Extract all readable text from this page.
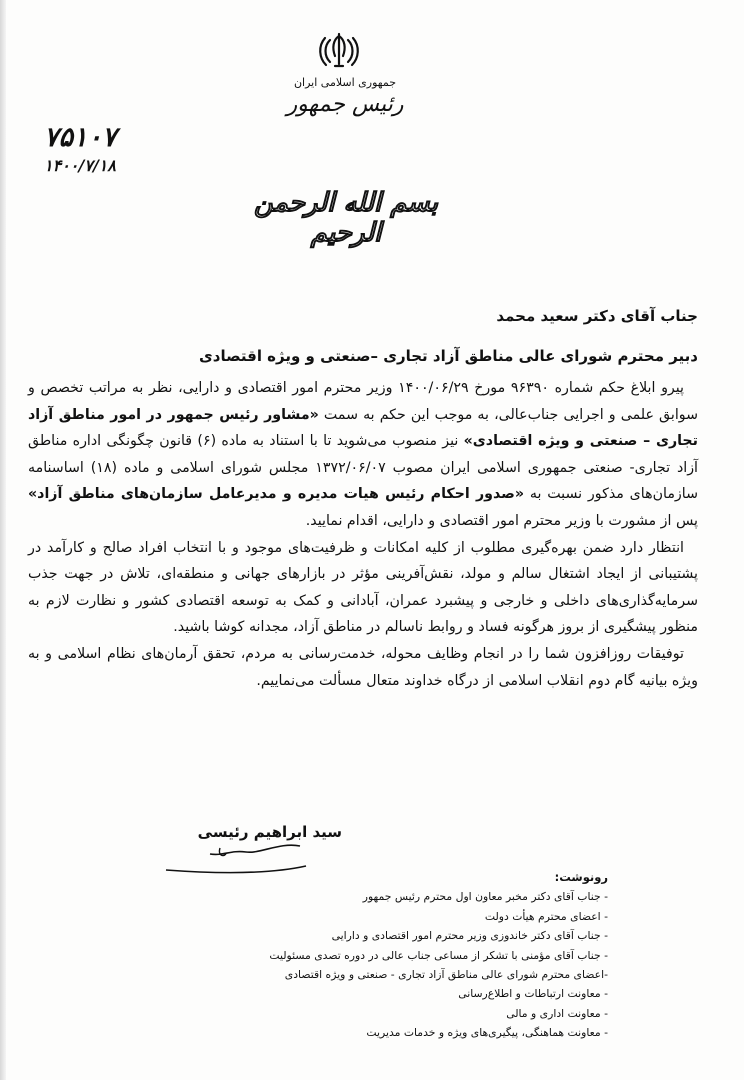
جمهوری اسلامی ایران
رئیس جمهور
۷۵۱۰۷
۱۴۰۰/۷/۱۸
بسم الله الرحمن الرحیم
جناب آقای دکتر سعید محمد
دبیر محترم شورای عالی مناطق آزاد تجاری –صنعتی و ویژه اقتصادی

پیرو ابلاغ حکم شماره ۹۶۳۹۰ مورخ ۱۴۰۰/۰۶/۲۹ وزیر محترم امور اقتصادی و دارایی، نظر به مراتب تخصص و سوابق علمی و اجرایی جناب‌عالی، به موجب این حکم به سمت «مشاور رئیس جمهور در امور مناطق آزاد تجاری – صنعتی و ویژه اقتصادی» نیز منصوب می‌شوید تا با استناد به ماده (۶) قانون چگونگی اداره مناطق آزاد تجاری- صنعتی جمهوری اسلامی ایران مصوب ۱۳۷۲/۰۶/۰۷ مجلس شورای اسلامی و ماده (۱۸) اساسنامه سازمان‌های مذکور نسبت به «صدور احکام رئیس هیات مدیره و مدیرعامل سازمان‌های مناطق آزاد» پس از مشورت با وزیر محترم امور اقتصادی و دارایی، اقدام نمایید.

انتظار دارد ضمن بهره‌گیری مطلوب از کلیه امکانات و ظرفیت‌های موجود و با انتخاب افراد صالح و کارآمد در پشتیبانی از ایجاد اشتغال سالم و مولد، نقش‌آفرینی مؤثر در بازارهای جهانی و منطقه‌ای، تلاش در جهت جذب سرمایه‌گذاری‌های داخلی و خارجی و پیشبرد عمران، آبادانی و کمک به توسعه اقتصادی کشور و نظارت لازم به منظور پیشگیری از بروز هرگونه فساد و روابط ناسالم در مناطق آزاد، مجدانه کوشا باشید.

توفیقات روزافزون شما را در انجام وظایف محوله، خدمت‌رسانی به مردم، تحقق آرمان‌های نظام اسلامی و به ویژه بیانیه گام دوم انقلاب اسلامی از درگاه خداوند متعال مسألت می‌نماییم.

سید ابراهیم رئیسی
رونوشت:
- جناب آقای دکتر مخبر معاون اول محترم رئیس جمهور
- اعضای محترم هیأت دولت
- جناب آقای دکتر خاندوزی وزیر محترم امور اقتصادی و دارایی
- جناب آقای مؤمنی با تشکر از مساعی جناب عالی در دوره تصدی مسئولیت
-اعضای محترم شورای عالی مناطق آزاد تجاری - صنعتی و ویژه اقتصادی
- معاونت ارتباطات و اطلاع‌رسانی
- معاونت اداری و مالی
- معاونت هماهنگی، پیگیری‌های ویژه و خدمات مدیریت
